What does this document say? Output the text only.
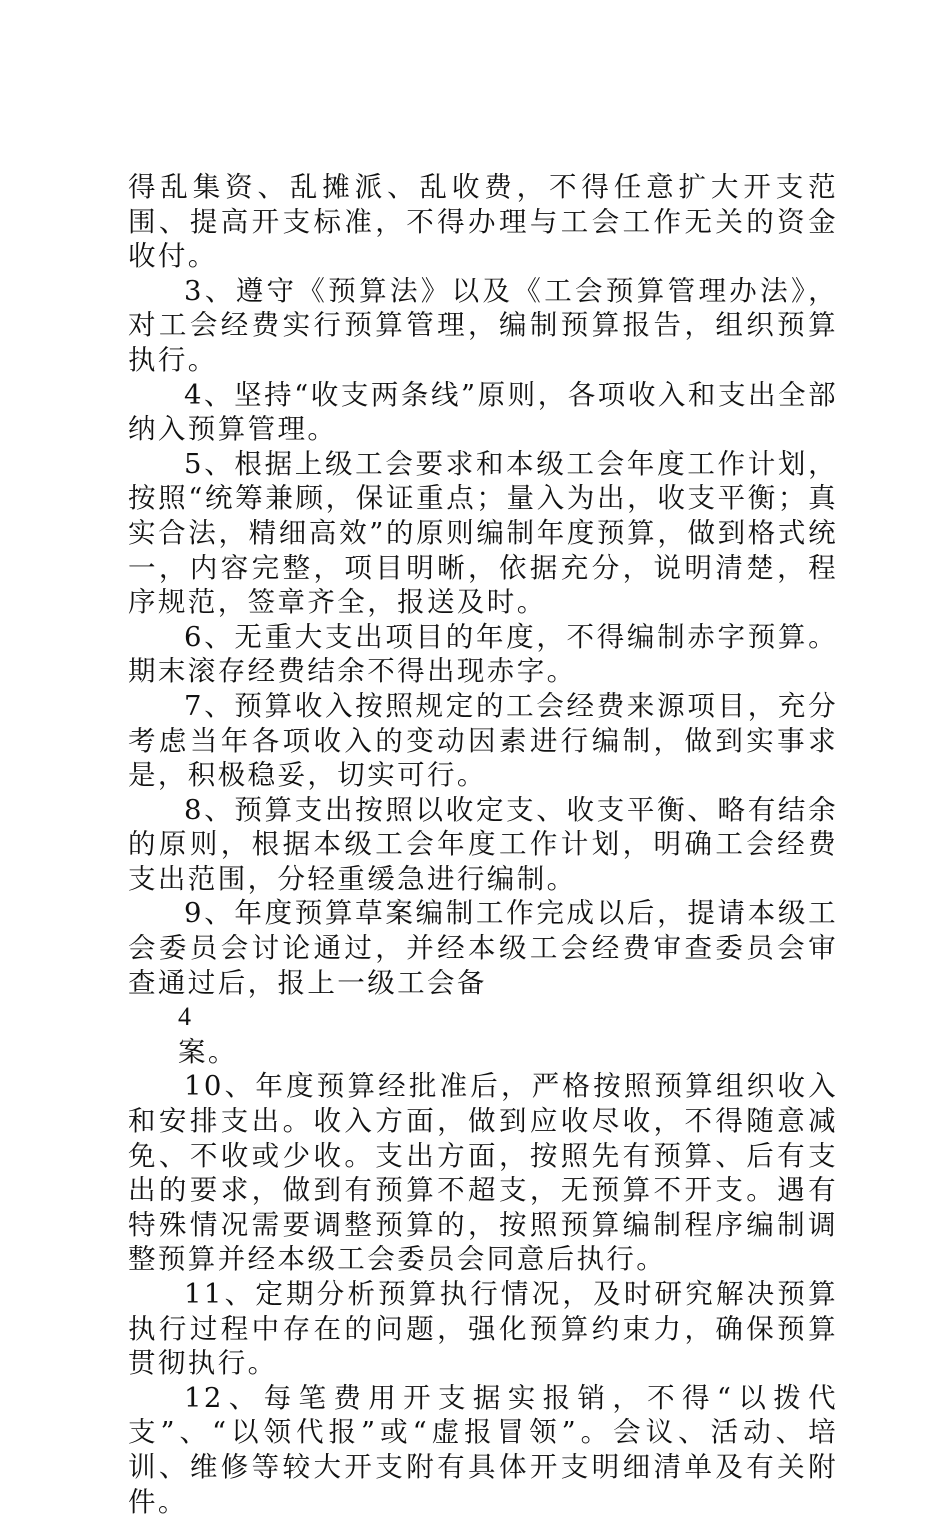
得乱集资、乱摊派、乱收费，不得任意扩大开支范围、提高开支标准，不得办理与工会工作无关的资金收付。

3、遵守《预算法》以及《工会预算管理办法》，对工会经费实行预算管理，编制预算报告，组织预算执行。

4、坚持“收支两条线”原则，各项收入和支出全部纳入预算管理。

5、根据上级工会要求和本级工会年度工作计划，按照“统筹兼顾，保证重点；量入为出，收支平衡；真实合法，精细高效”的原则编制年度预算，做到格式统一，内容完整，项目明晰，依据充分，说明清楚，程序规范，签章齐全，报送及时。

6、无重大支出项目的年度，不得编制赤字预算。期末滚存经费结余不得出现赤字。

7、预算收入按照规定的工会经费来源项目，充分考虑当年各项收入的变动因素进行编制，做到实事求是，积极稳妥，切实可行。

8、预算支出按照以收定支、收支平衡、略有结余的原则，根据本级工会年度工作计划，明确工会经费支出范围，分轻重缓急进行编制。

9、年度预算草案编制工作完成以后，提请本级工会委员会讨论通过，并经本级工会经费审查委员会审查通过后，报上一级工会备

4

案。

10、年度预算经批准后，严格按照预算组织收入和安排支出。收入方面，做到应收尽收，不得随意减免、不收或少收。支出方面，按照先有预算、后有支出的要求，做到有预算不超支，无预算不开支。遇有特殊情况需要调整预算的，按照预算编制程序编制调整预算并经本级工会委员会同意后执行。

11、定期分析预算执行情况，及时研究解决预算执行过程中存在的问题，强化预算约束力，确保预算贯彻执行。

12、每笔费用开支据实报销，不得“以拨代支”、“以领代报”或“虚报冒领”。会议、活动、培训、维修等较大开支附有具体开支明细清单及有关附件。
